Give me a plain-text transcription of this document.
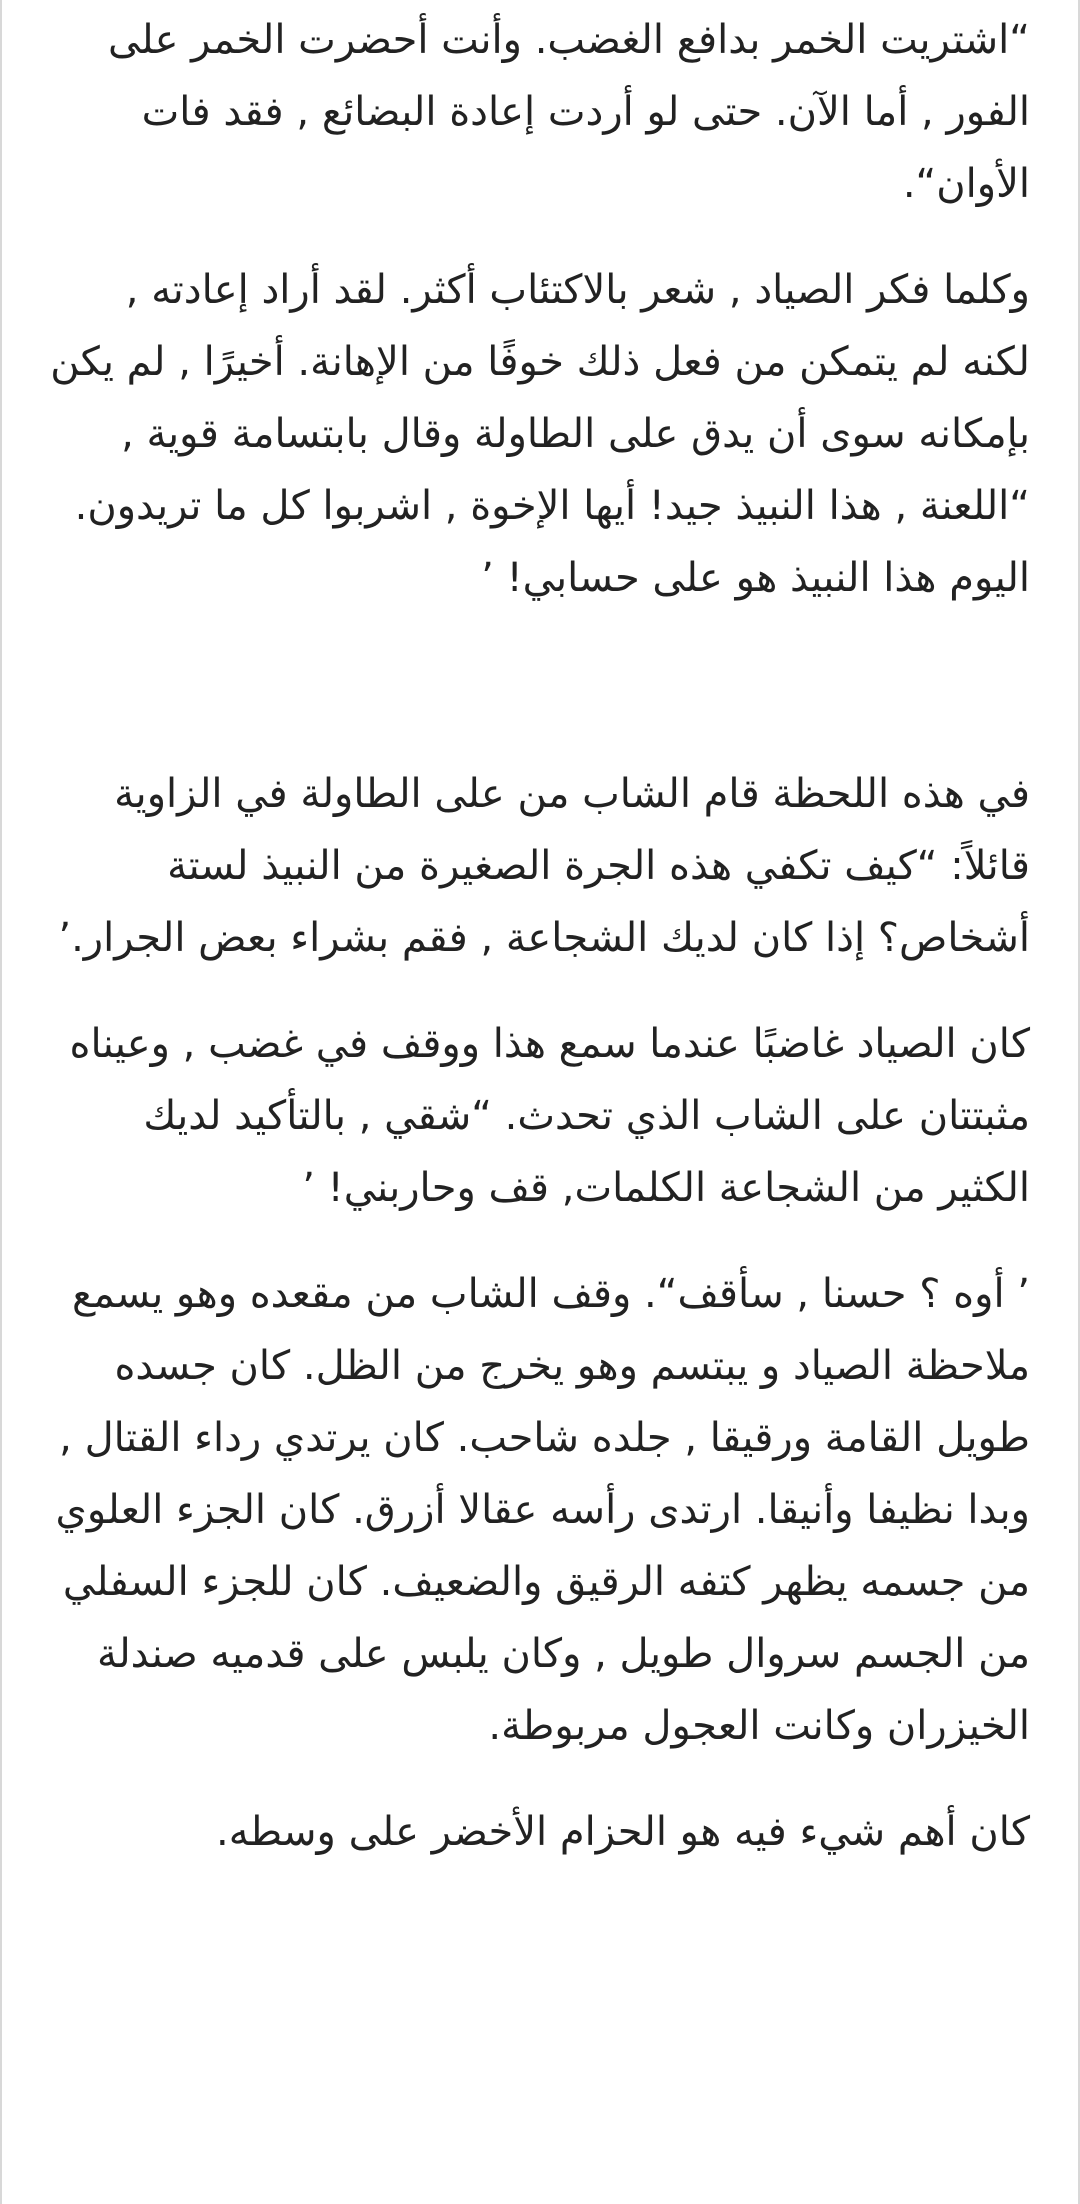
“اشتريت الخمر بدافع الغضب. وأنت أحضرت الخمر على الفور , أما الآن. حتى لو أردت إعادة البضائع , فقد فات الأوان“.

وكلما فكر الصياد , شعر بالاكتئاب أكثر. لقد أراد إعادته , لكنه لم يتمكن من فعل ذلك خوفًا من الإهانة. أخيرًا , لم يكن بإمكانه سوى أن يدق على الطاولة وقال بابتسامة قوية , “اللعنة , هذا النبيذ جيد! أيها الإخوة , اشربوا كل ما تريدون. اليوم هذا النبيذ هو على حسابي! ’

في هذه اللحظة قام الشاب من على الطاولة في الزاوية قائلاً: “كيف تكفي هذه الجرة الصغيرة من النبيذ لستة أشخاص؟ إذا كان لديك الشجاعة , فقم بشراء بعض الجرار.’

كان الصياد غاضبًا عندما سمع هذا ووقف في غضب , وعيناه مثبتتان على الشاب الذي تحدث. “شقي , بالتأكيد لديك الكثير من الشجاعة الكلمات, قف وحاربني! ’

’ أوه ؟ حسنا , سأقف“. وقف الشاب من مقعده وهو يسمع ملاحظة الصياد و يبتسم وهو يخرج من الظل. كان جسده طويل القامة ورقيقا , جلده شاحب. كان يرتدي رداء القتال , وبدا نظيفا وأنيقا. ارتدى رأسه عقالا أزرق. كان الجزء العلوي من جسمه يظهر كتفه الرقيق والضعيف. كان للجزء السفلي من الجسم سروال طويل , وكان يلبس على قدميه صندلة الخيزران وكانت العجول مربوطة.

كان أهم شيء فيه هو الحزام الأخضر على وسطه.
